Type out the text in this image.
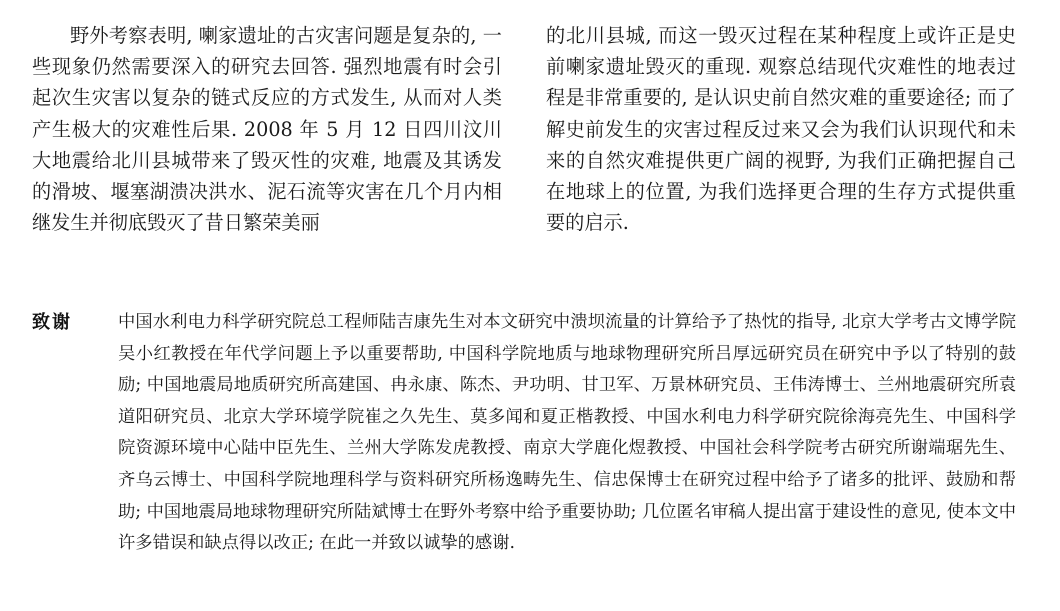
野外考察表明, 喇家遗址的古灾害问题是复杂的, 一些现象仍然需要深入的研究去回答. 强烈地震有时会引起次生灾害以复杂的链式反应的方式发生, 从而对人类产生极大的灾难性后果. 2008 年 5 月 12 日四川汶川大地震给北川县城带来了毁灭性的灾难, 地震及其诱发的滑坡、堰塞湖溃决洪水、泥石流等灾害在几个月内相继发生并彻底毁灭了昔日繁荣美丽

的北川县城, 而这一毁灭过程在某种程度上或许正是史前喇家遗址毁灭的重现. 观察总结现代灾难性的地表过程是非常重要的, 是认识史前自然灾难的重要途径; 而了解史前发生的灾害过程反过来又会为我们认识现代和未来的自然灾难提供更广阔的视野, 为我们正确把握自己在地球上的位置, 为我们选择更合理的生存方式提供重要的启示.

致谢	中国水利电力科学研究院总工程师陆吉康先生对本文研究中溃坝流量的计算给予了热忱的指导, 北京大学考古文博学院吴小红教授在年代学问题上予以重要帮助, 中国科学院地质与地球物理研究所吕厚远研究员在研究中予以了特别的鼓励; 中国地震局地质研究所高建国、冉永康、陈杰、尹功明、甘卫军、万景林研究员、王伟涛博士、兰州地震研究所袁道阳研究员、北京大学环境学院崔之久先生、莫多闻和夏正楷教授、中国水利电力科学研究院徐海亮先生、中国科学院资源环境中心陆中臣先生、兰州大学陈发虎教授、南京大学鹿化煜教授、中国社会科学院考古研究所谢端琚先生、齐乌云博士、中国科学院地理科学与资料研究所杨逸畴先生、信忠保博士在研究过程中给予了诸多的批评、鼓励和帮助; 中国地震局地球物理研究所陆斌博士在野外考察中给予重要协助; 几位匿名审稿人提出富于建设性的意见, 使本文中许多错误和缺点得以改正; 在此一并致以诚挚的感谢.
